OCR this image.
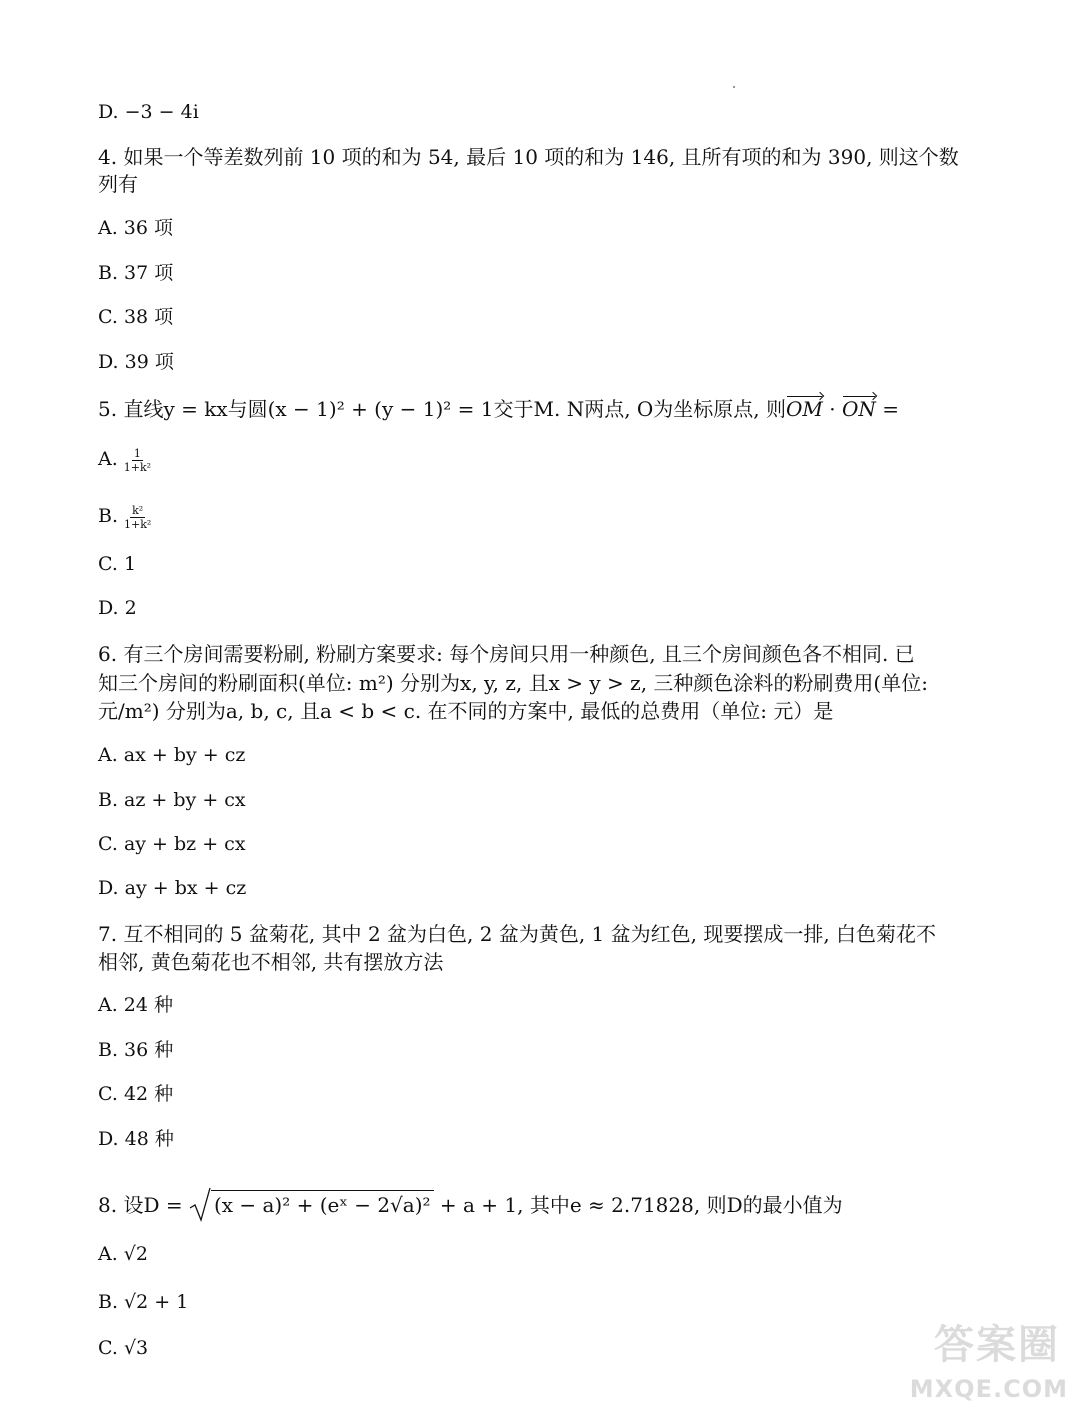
D. −3 − 4i
4. 如果一个等差数列前 10 项的和为 54, 最后 10 项的和为 146, 且所有项的和为 390, 则这个数
列有
A. 36 项
B. 37 项
C. 38 项
D. 39 项
5. 直线y = kx与圆(x − 1)² + (y − 1)² = 1交于M. N两点, O为坐标原点, 则OM · ON =
A. $\frac{1}{\text{1+k²}}$
B. $\frac{\text{k²}}{\text{1+k²}}$
C. 1
D. 2
6. 有三个房间需要粉刷, 粉刷方案要求: 每个房间只用一种颜色, 且三个房间颜色各不相同. 已
知三个房间的粉刷面积(单位: m²) 分别为x, y, z, 且x > y > z, 三种颜色涂料的粉刷费用(单位:
元/m²) 分别为a, b, c, 且a < b < c. 在不同的方案中, 最低的总费用（单位: 元）是
A. ax + by + cz
B. az + by + cx
C. ay + bz + cx
D. ay + bx + cz
7. 互不相同的 5 盆菊花, 其中 2 盆为白色, 2 盆为黄色, 1 盆为红色, 现要摆成一排, 白色菊花不
相邻, 黄色菊花也不相邻, 共有摆放方法
A. 24 种
B. 36 种
C. 42 种
D. 48 种
8. 设D = (x − a)² + (eˣ − 2√a)² + a + 1, 其中e ≈ 2.71828, 则D的最小值为
A. √2
B. √2 + 1
C. √3	答案圈
MXQE.COM
